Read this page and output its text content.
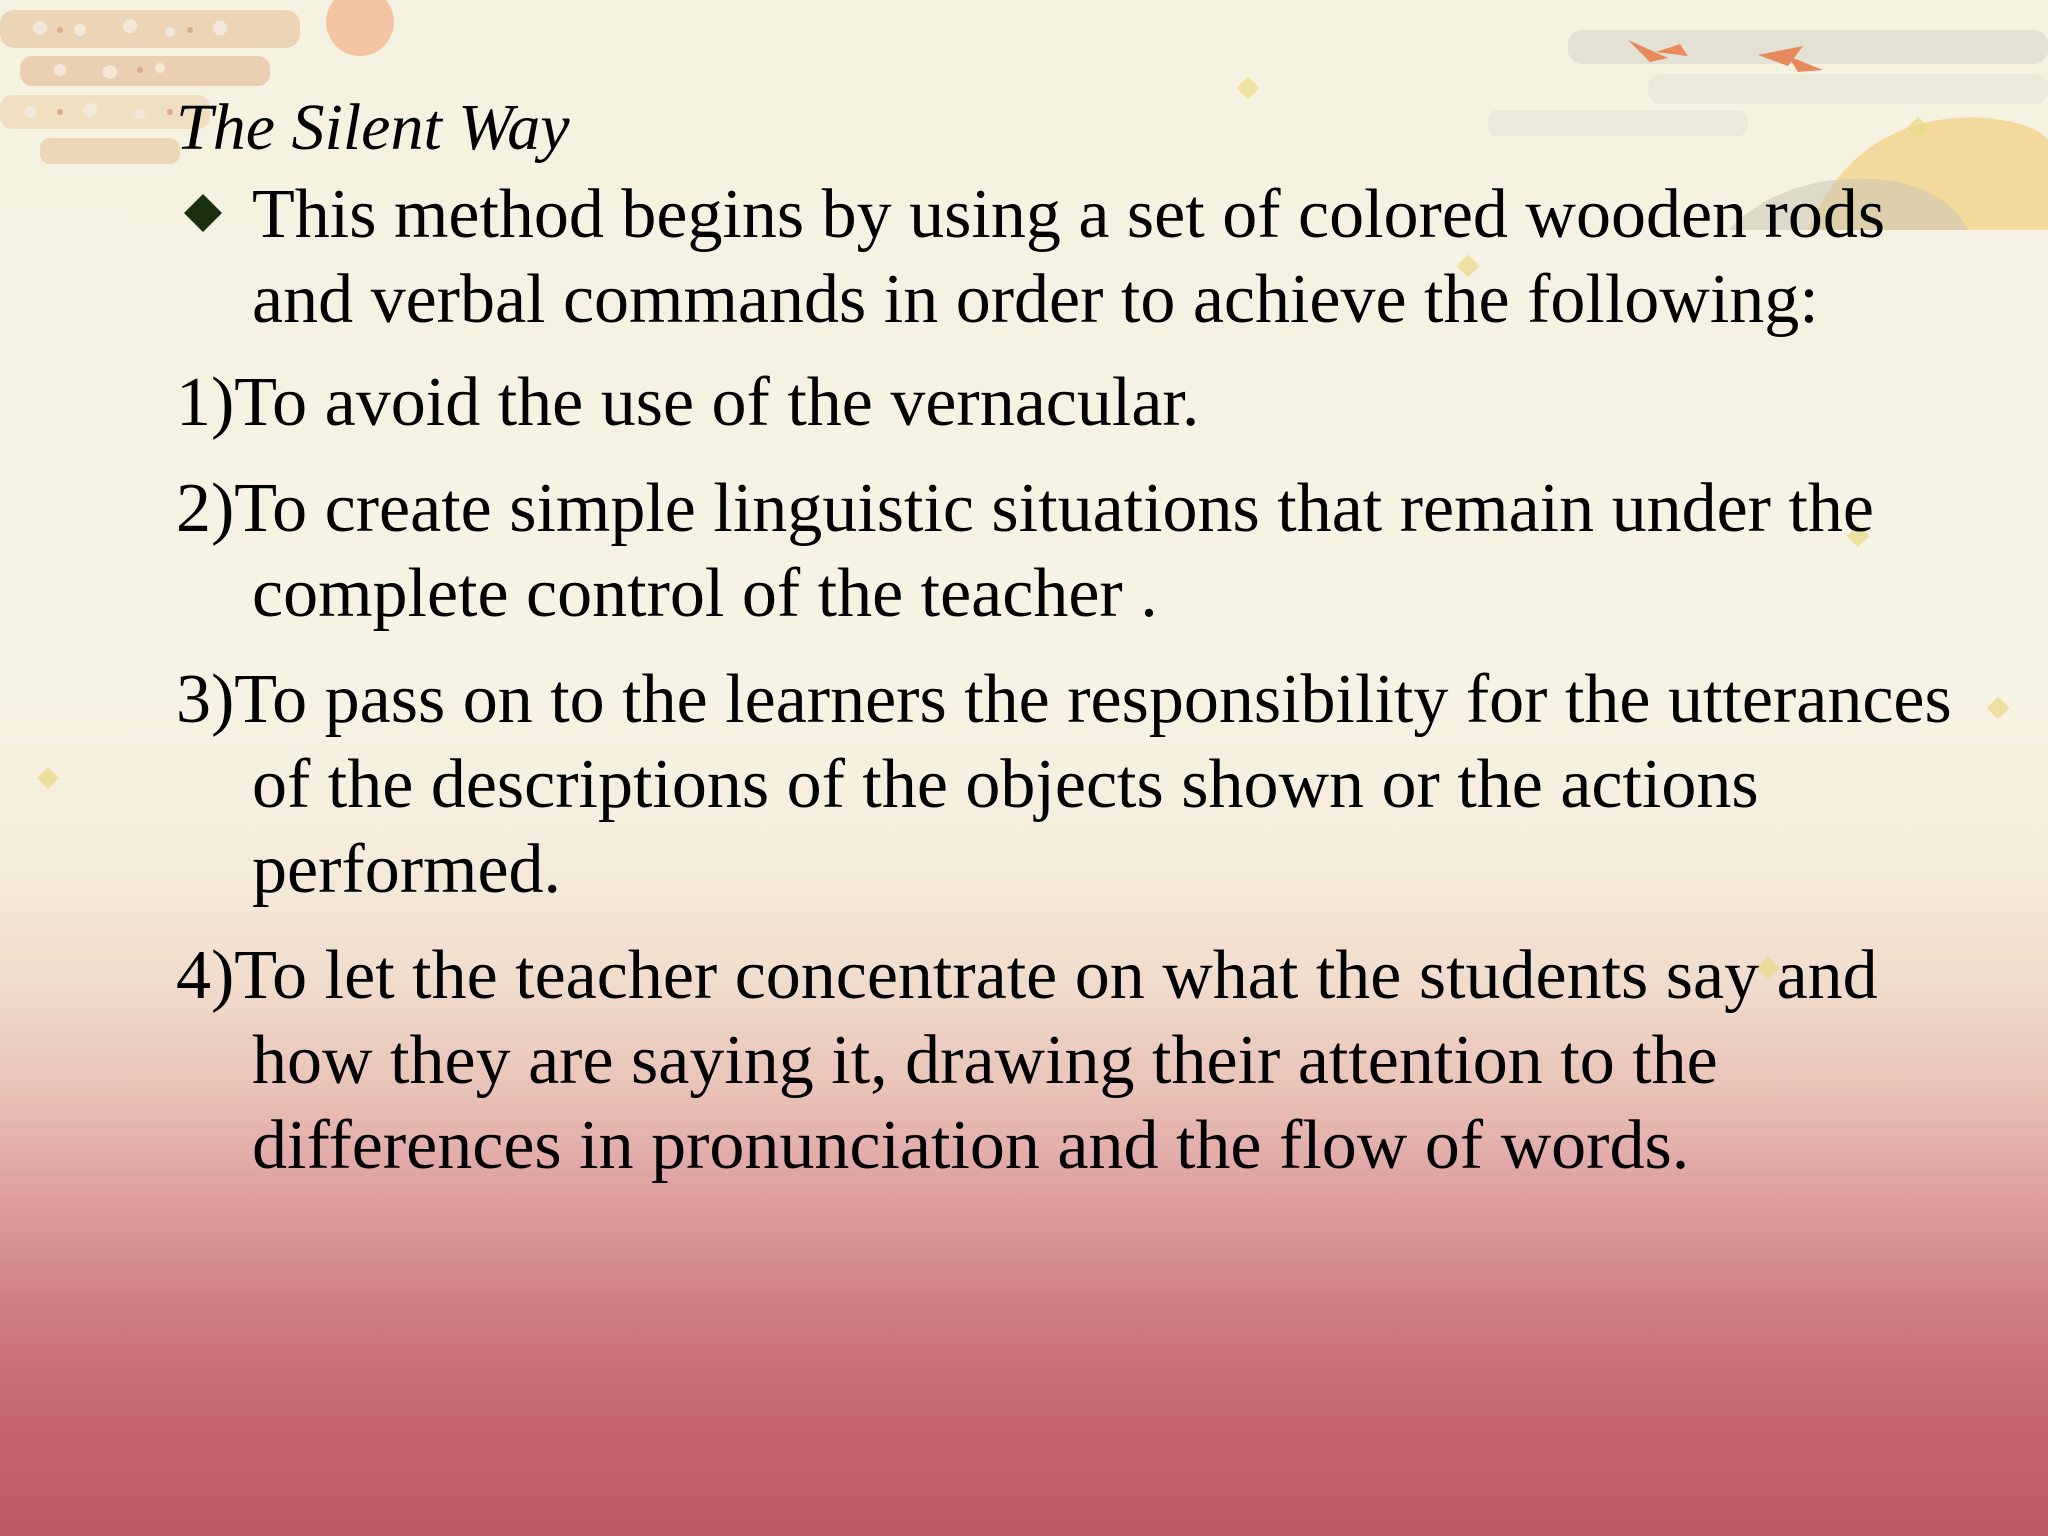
The Silent Way
This method begins by using a set of colored wooden rods and verbal commands in order to achieve the following:
1)To avoid the use of the vernacular.
2)To create simple linguistic situations that remain under the complete control of the teacher .
3)To pass on to the learners the responsibility for the utterances of the descriptions of the objects shown or the actions performed.
4)To let the teacher concentrate on what the students say and how they are saying it, drawing their attention to the differences in pronunciation and the flow of words.
